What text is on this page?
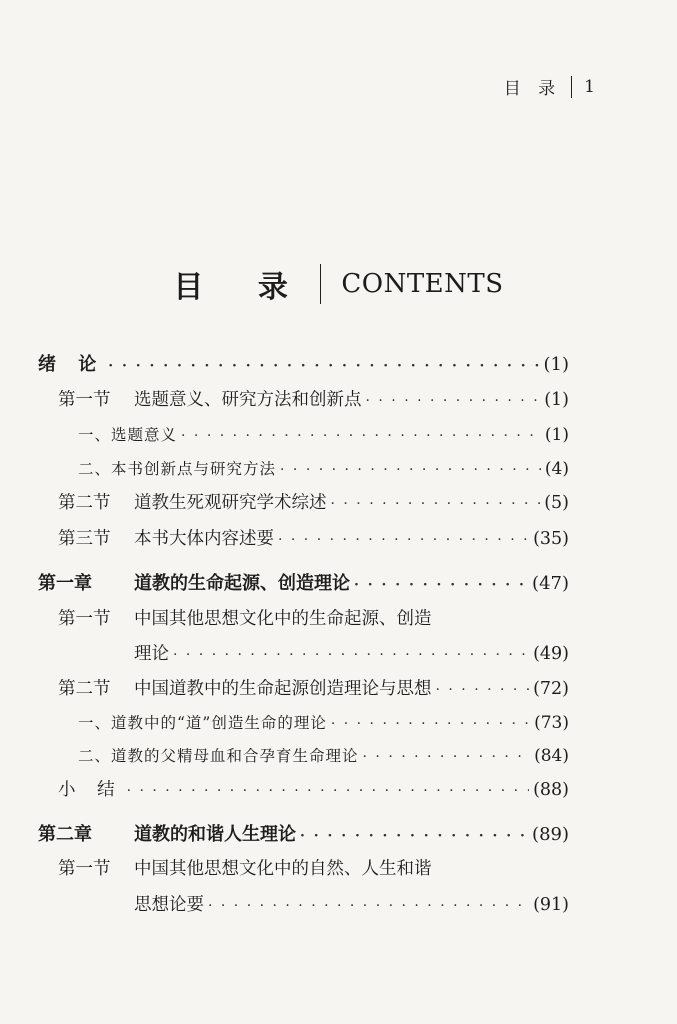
目 录 1
目 录 CONTENTS
绪 论 · · ·	(1)
第一节	选题意义、研究方法和创新点 · · ·	(1)
一、选题意义 · · ·	(1)
二、本书创新点与研究方法 · · ·	(4)
第二节	道教生死观研究学术综述 · · ·	(5)
第三节	本书大体内容述要 · · ·	(35)
第一章	道教的生命起源、创造理论 · · ·	(47)
第一节	中国其他思想文化中的生命起源、创造
理论 · · ·	(49)
第二节	中国道教中的生命起源创造理论与思想 · · ·	(72)
一、道教中的“道”创造生命的理论 · · ·	(73)
二、道教的父精母血和合孕育生命理论 · · ·	(84)
小 结 · · ·	(88)
第二章	道教的和谐人生理论 · · ·	(89)
第一节	中国其他思想文化中的自然、人生和谐
思想论要 · · ·	(91)
